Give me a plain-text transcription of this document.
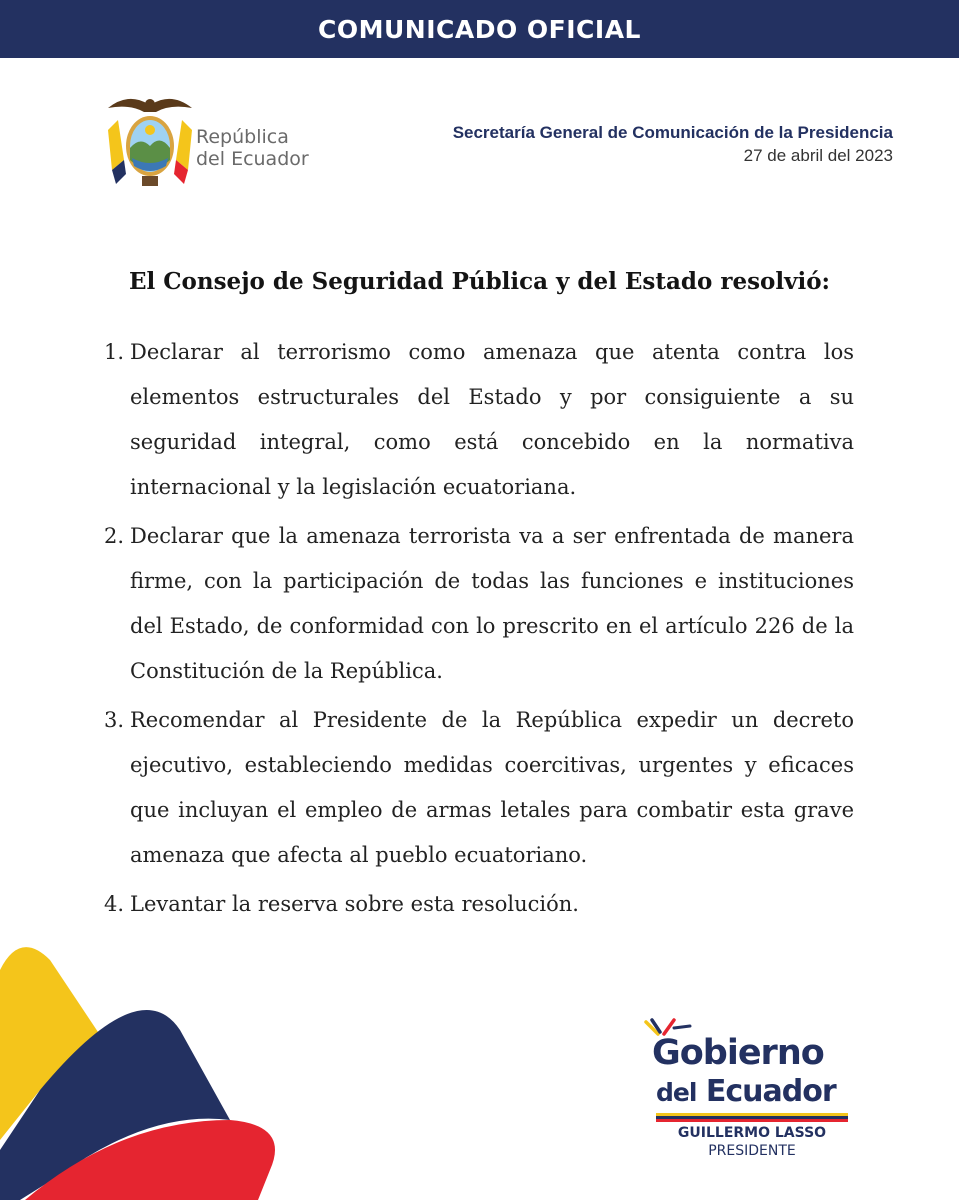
COMUNICADO OFICIAL
República
del Ecuador
Secretaría General de Comunicación de la Presidencia
27 de abril del 2023
El Consejo de Seguridad Pública y del Estado resolvió:
1. Declarar al terrorismo como amenaza que atenta contra los elementos estructurales del Estado y por consiguiente a su seguridad integral, como está concebido en la normativa internacional y la legislación ecuatoriana.
2. Declarar que la amenaza terrorista va a ser enfrentada de manera firme, con la participación de todas las funciones e instituciones del Estado, de conformidad con lo prescrito en el artículo 226 de la Constitución de la República.
3. Recomendar al Presidente de la República expedir un decreto ejecutivo, estableciendo medidas coercitivas, urgentes y eficaces que incluyan el empleo de armas letales para combatir esta grave amenaza que afecta al pueblo ecuatoriano.
4. Levantar la reserva sobre esta resolución.
Gobierno
del Ecuador
GUILLERMO LASSO
PRESIDENTE
